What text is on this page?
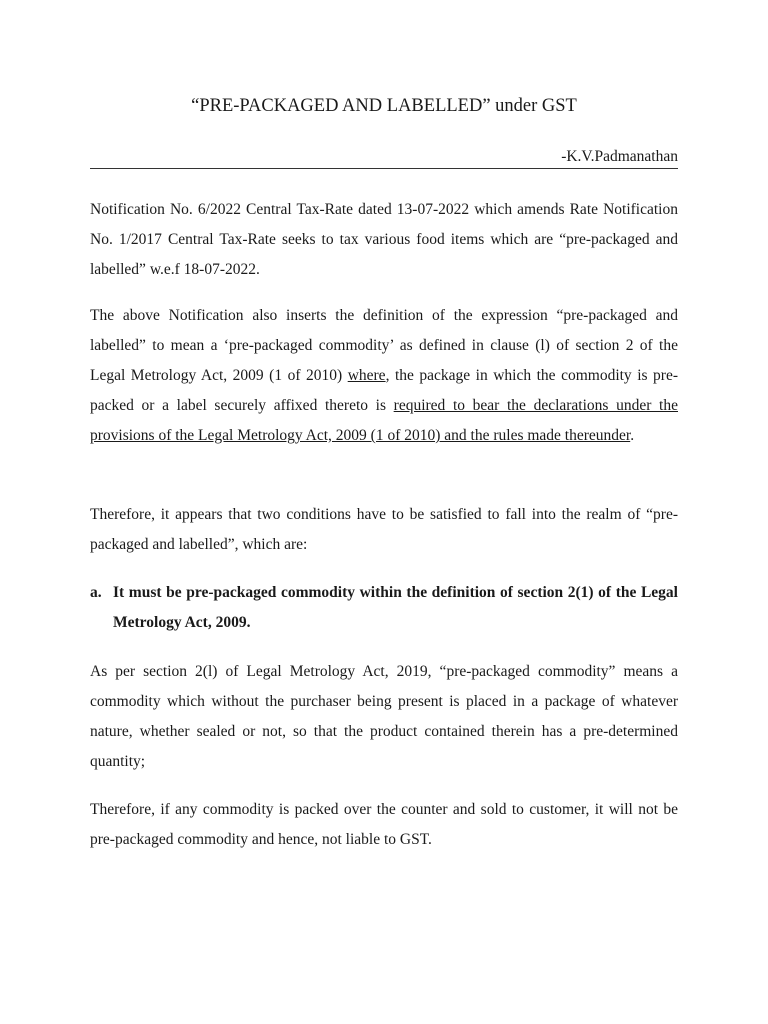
“PRE-PACKAGED AND LABELLED” under GST
-K.V.Padmanathan

Notification No. 6/2022 Central Tax-Rate dated 13-07-2022 which amends Rate Notification No. 1/2017 Central Tax-Rate seeks to tax various food items which are “pre-packaged and labelled” w.e.f 18-07-2022.

The above Notification also inserts the definition of the expression “pre-packaged and labelled” to mean a ‘pre-packaged commodity’ as defined in clause (l) of section 2 of the Legal Metrology Act, 2009 (1 of 2010) where, the package in which the commodity is pre-packed or a label securely affixed thereto is required to bear the declarations under the provisions of the Legal Metrology Act, 2009 (1 of 2010) and the rules made thereunder.

Therefore, it appears that two conditions have to be satisfied to fall into the realm of “pre-packaged and labelled”, which are:

a. It must be pre-packaged commodity within the definition of section 2(1) of the Legal Metrology Act, 2009.

As per section 2(l) of Legal Metrology Act, 2019, “pre-packaged commodity” means a commodity which without the purchaser being present is placed in a package of whatever nature, whether sealed or not, so that the product contained therein has a pre-determined quantity;

Therefore, if any commodity is packed over the counter and sold to customer, it will not be pre-packaged commodity and hence, not liable to GST.
